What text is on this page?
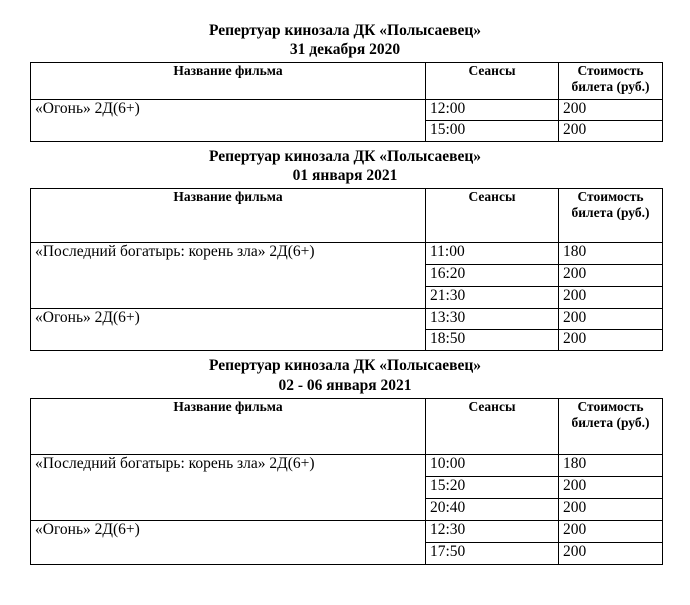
Репертуар кинозала ДК «Полысаевец»
31 декабря 2020
Название фильма	Сеансы	Стоимость билета (руб.)
«Огонь» 2Д(6+)	12:00	200
	15:00	200
Репертуар кинозала ДК «Полысаевец»
01 января 2021
Название фильма	Сеансы	Стоимость билета (руб.)
«Последний богатырь: корень зла» 2Д(6+)	11:00	180
	16:20	200
	21:30	200
«Огонь» 2Д(6+)	13:30	200
	18:50	200
Репертуар кинозала ДК «Полысаевец»
02 - 06 января 2021
Название фильма	Сеансы	Стоимость билета (руб.)
«Последний богатырь: корень зла» 2Д(6+)	10:00	180
	15:20	200
	20:40	200
«Огонь» 2Д(6+)	12:30	200
	17:50	200
